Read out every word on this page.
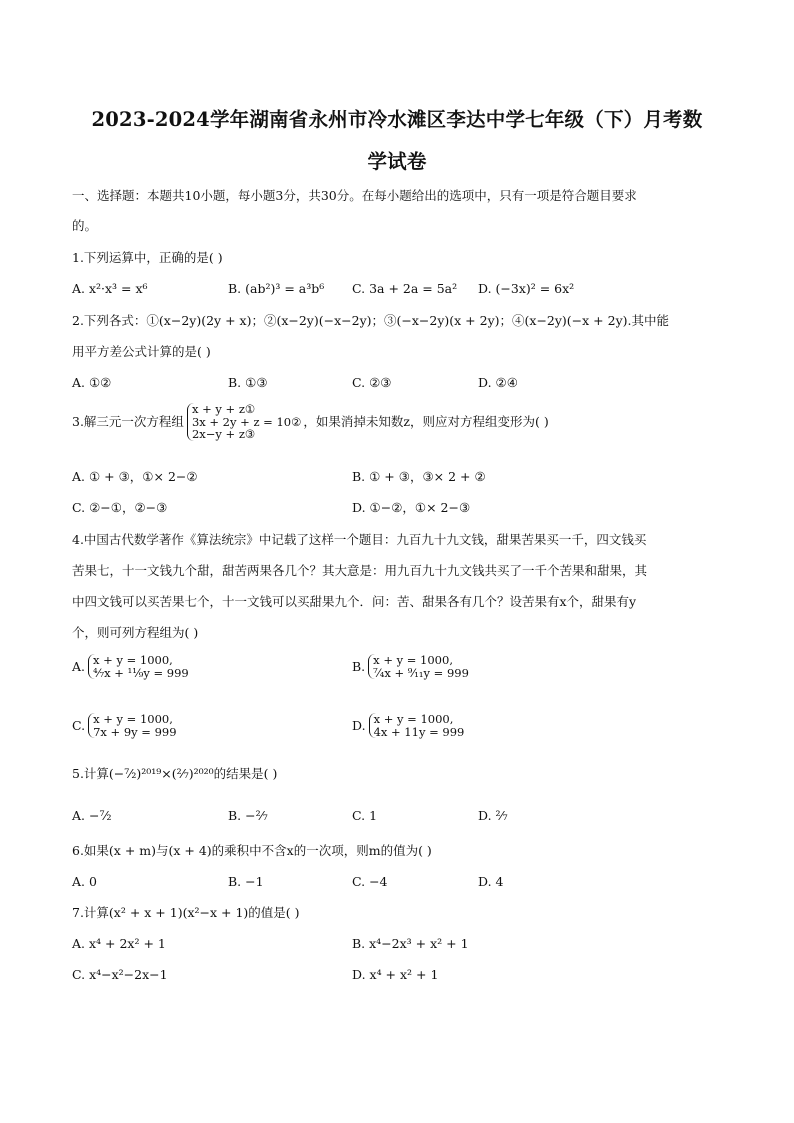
2023-2024学年湖南省永州市冷水滩区李达中学七年级（下）月考数
学试卷
一、选择题：本题共10小题，每小题3分，共30分。在每小题给出的选项中，只有一项是符合题目要求
的。
1.下列运算中，正确的是( )
A. x²·x³ = x⁶	B. (ab²)³ = a³b⁶ C. 3a + 2a = 5a² D. (−3x)² = 6x²
2.下列各式：①(x−2y)(2y + x)；②(x−2y)(−x−2y)；③(−x−2y)(x + 2y)；④(x−2y)(−x + 2y).其中能
用平方差公式计算的是( )
A. ①②	B. ①③	C. ②③	D. ②④
3.解三元一次方程组
x + y + z①
3x + 2y + z = 10②
2x−y + z③
，如果消掉未知数z，则应对方程组变形为( )
A. ① + ③，①× 2−②	B. ① + ③，③× 2 + ②
C. ②−①，②−③	D. ①−②，①× 2−③
4.中国古代数学著作《算法统宗》中记载了这样一个题目：九百九十九文钱，甜果苦果买一千，四文钱买
苦果七，十一文钱九个甜，甜苦两果各几个？其大意是：用九百九十九文钱共买了一千个苦果和甜果，其
中四文钱可以买苦果七个，十一文钱可以买甜果九个．问：苦、甜果各有几个？设苦果有x个，甜果有y
个，则可列方程组为( )
A. x + y = 1000,
⁴⁄₇x + ¹¹⁄₉y = 999	B. x + y = 1000,
⁷⁄₄x + ⁹⁄₁₁y = 999
C. x + y = 1000,
7x + 9y = 999	D. x + y = 1000,
4x + 11y = 999
5.计算(−⁷⁄₂)²⁰¹⁹×(²⁄₇)²⁰²⁰的结果是( )
A. −⁷⁄₂	B. −²⁄₇	C. 1	D. ²⁄₇
6.如果(x + m)与(x + 4)的乘积中不含x的一次项，则m的值为( )
A. 0	B. −1	C. −4	D. 4
7.计算(x² + x + 1)(x²−x + 1)的值是( )
A. x⁴ + 2x² + 1	B. x⁴−2x³ + x² + 1
C. x⁴−x²−2x−1	D. x⁴ + x² + 1
